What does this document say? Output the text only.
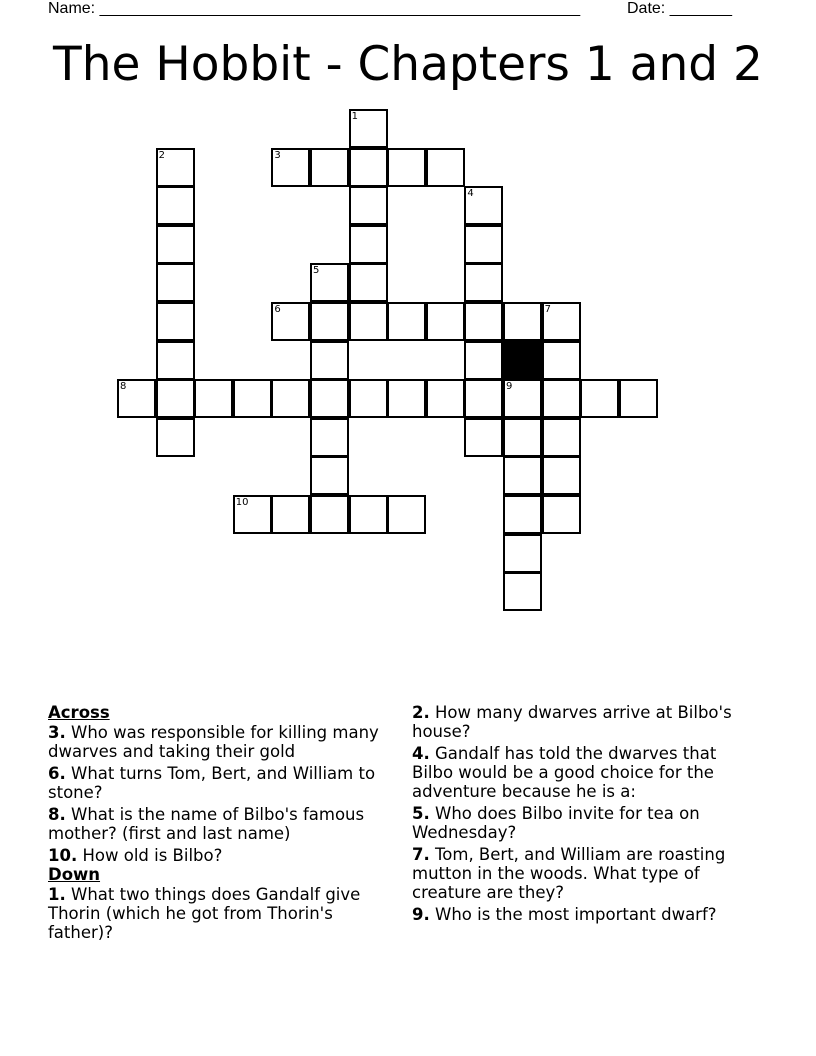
Name: ______________________________________________________	Date: _______
The Hobbit - Chapters 1 and 2
1
2	3
4
5
6	7
8	9
10

Across

3. Who was responsible for killing many dwarves and taking their gold

6. What turns Tom, Bert, and William to stone?

8. What is the name of Bilbo's famous mother? (first and last name)

10. How old is Bilbo?

Down

1. What two things does Gandalf give Thorin (which he got from Thorin's father)?

2. How many dwarves arrive at Bilbo's house?

4. Gandalf has told the dwarves that Bilbo would be a good choice for the adventure because he is a:

5. Who does Bilbo invite for tea on Wednesday?

7. Tom, Bert, and William are roasting mutton in the woods. What type of creature are they?

9. Who is the most important dwarf?
